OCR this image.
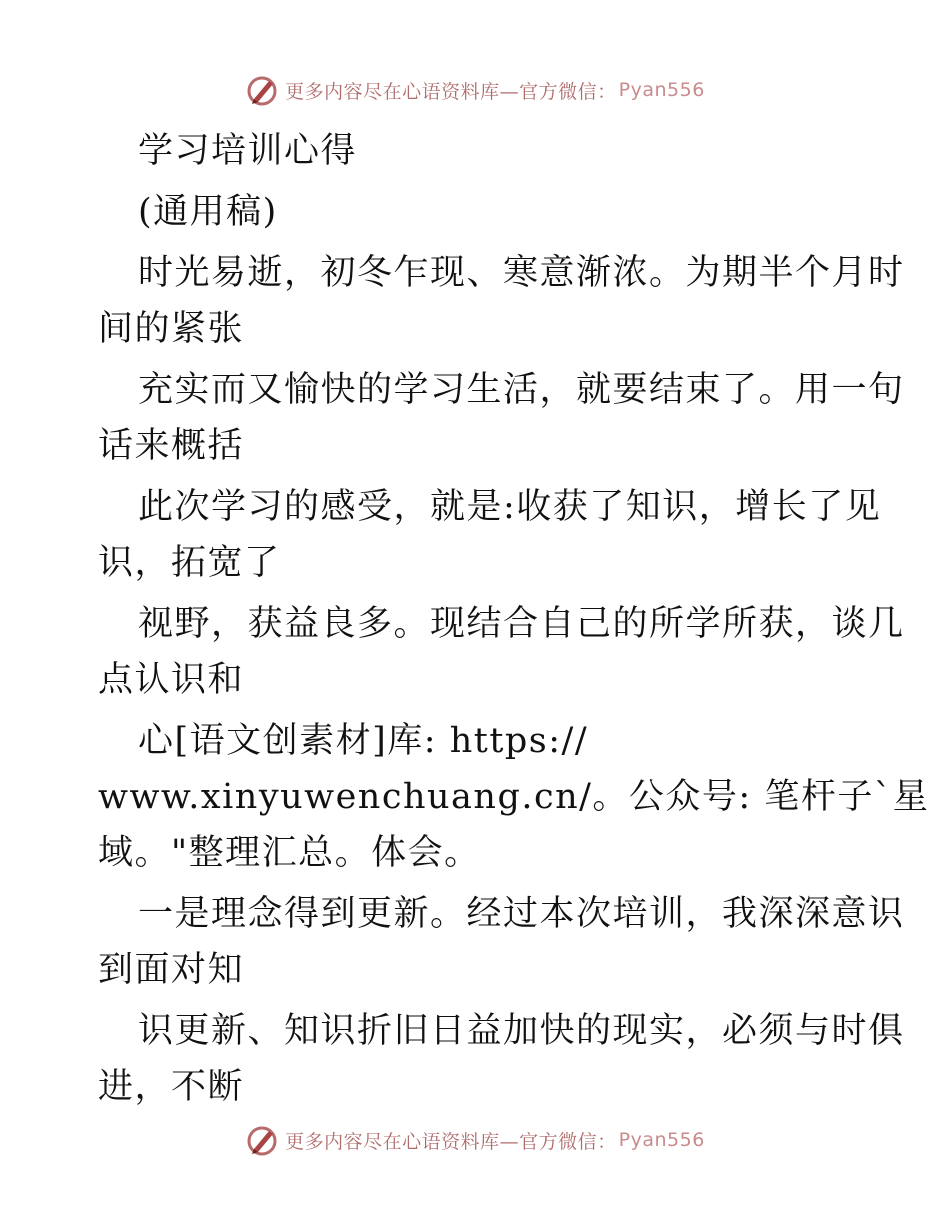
更多内容尽在心语资料库—官方微信： Pyan556
学习培训心得
(通用稿)
时光易逝，初冬乍现、寒意渐浓。为期半个月时
间的紧张
充实而又愉快的学习生活，就要结束了。用一句
话来概括
此次学习的感受，就是:收获了知识，增长了见
识，拓宽了
视野，获益良多。现结合自己的所学所获，谈几
点认识和
心[语文创素材]库: https://
www.xinyuwenchuang.cn/。公众号: 笔杆子`星
域。"整理汇总。体会。
一是理念得到更新。经过本次培训，我深深意识
到面对知
识更新、知识折旧日益加快的现实，必须与时俱
进，不断
更多内容尽在心语资料库—官方微信： Pyan556
